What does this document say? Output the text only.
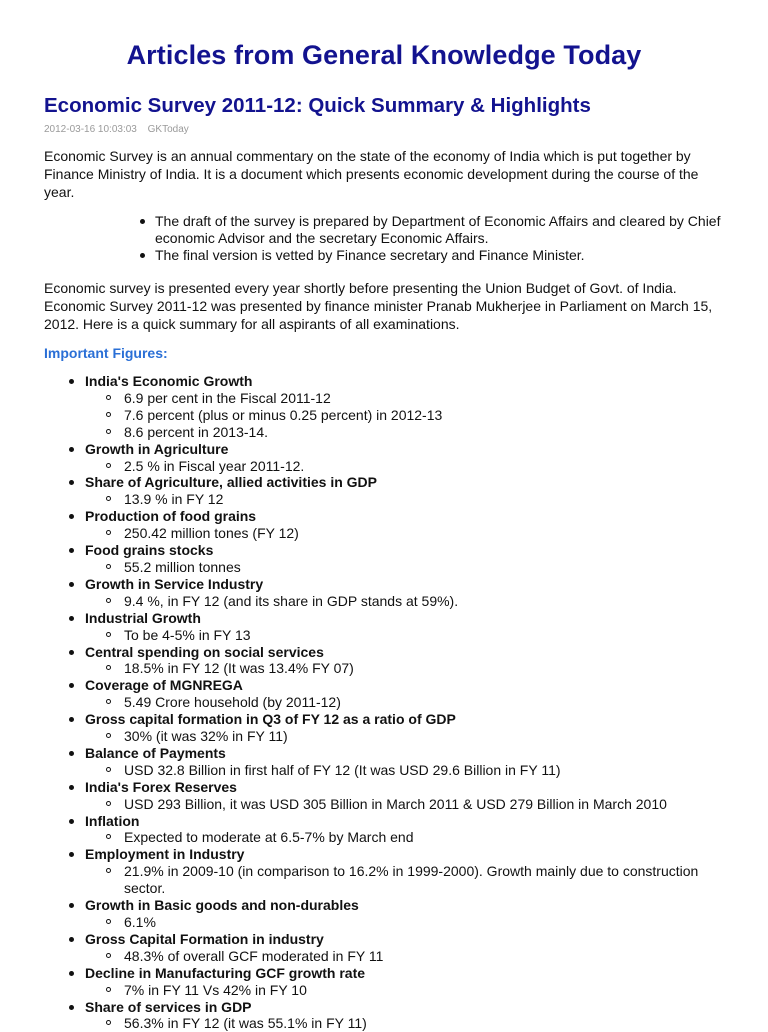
Articles from General Knowledge Today
Economic Survey 2011-12: Quick Summary & Highlights
2012-03-16 10:03:03 GKToday

Economic Survey is an annual commentary on the state of the economy of India which is put together by Finance Ministry of India. It is a document which presents economic development during the course of the year.

The draft of the survey is prepared by Department of Economic Affairs and cleared by Chief economic Advisor and the secretary Economic Affairs.
The final version is vetted by Finance secretary and Finance Minister.

Economic survey is presented every year shortly before presenting the Union Budget of Govt. of India. Economic Survey 2011-12 was presented by finance minister Pranab Mukherjee in Parliament on March 15, 2012. Here is a quick summary for all aspirants of all examinations.

Important Figures:
India's Economic Growth
6.9 per cent in the Fiscal 2011-12
7.6 percent (plus or minus 0.25 percent) in 2012-13
8.6 percent in 2013-14.
Growth in Agriculture
2.5 % in Fiscal year 2011-12.
Share of Agriculture, allied activities in GDP
13.9 % in FY 12
Production of food grains
250.42 million tones (FY 12)
Food grains stocks
55.2 million tonnes
Growth in Service Industry
9.4 %, in FY 12 (and its share in GDP stands at 59%).
Industrial Growth
To be 4-5% in FY 13
Central spending on social services
18.5% in FY 12 (It was 13.4% FY 07)
Coverage of MGNREGA
5.49 Crore household (by 2011-12)
Gross capital formation in Q3 of FY 12 as a ratio of GDP
30% (it was 32% in FY 11)
Balance of Payments
USD 32.8 Billion in first half of FY 12 (It was USD 29.6 Billion in FY 11)
India's Forex Reserves
USD 293 Billion, it was USD 305 Billion in March 2011 & USD 279 Billion in March 2010
Inflation
Expected to moderate at 6.5-7% by March end
Employment in Industry
21.9% in 2009-10 (in comparison to 16.2% in 1999-2000). Growth mainly due to construction sector.
Growth in Basic goods and non-durables
6.1%
Gross Capital Formation in industry
48.3% of overall GCF moderated in FY 11
Decline in Manufacturing GCF growth rate
7% in FY 11 Vs 42% in FY 10
Share of services in GDP
56.3% in FY 12 (it was 55.1% in FY 11)
